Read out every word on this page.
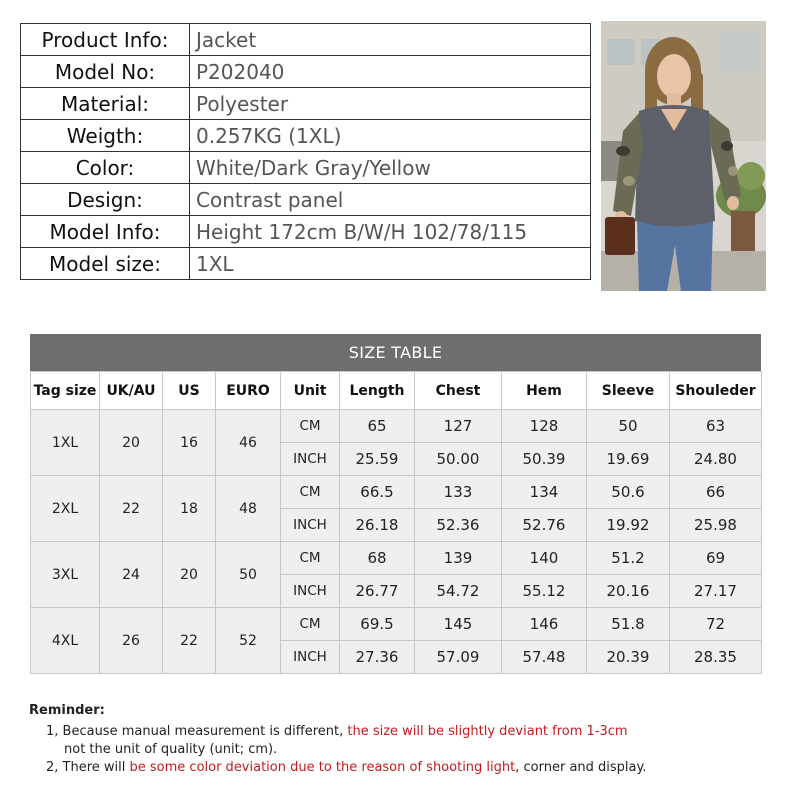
Product Info:	Jacket
Model No:	P202040
Material:	Polyester
Weigth:	0.257KG (1XL)
Color:	White/Dark Gray/Yellow
Design:	Contrast panel
Model Info:	Height 172cm B/W/H 102/78/115
Model size:	1XL
SIZE TABLE
Tag size	UK/AU	US	EURO	Unit	Length	Chest	Hem	Sleeve	Shouleder
1XL	20	16	46	CM	65	127	128	50	63
				INCH	25.59	50.00	50.39	19.69	24.80
2XL	22	18	48	CM	66.5	133	134	50.6	66
				INCH	26.18	52.36	52.76	19.92	25.98
3XL	24	20	50	CM	68	139	140	51.2	69
				INCH	26.77	54.72	55.12	20.16	27.17
4XL	26	22	52	CM	69.5	145	146	51.8	72
				INCH	27.36	57.09	57.48	20.39	28.35
Reminder:
1, Because manual measurement is different, the size will be slightly deviant from 1-3cm
not the unit of quality (unit; cm).
2, There will be some color deviation due to the reason of shooting light, corner and display.
